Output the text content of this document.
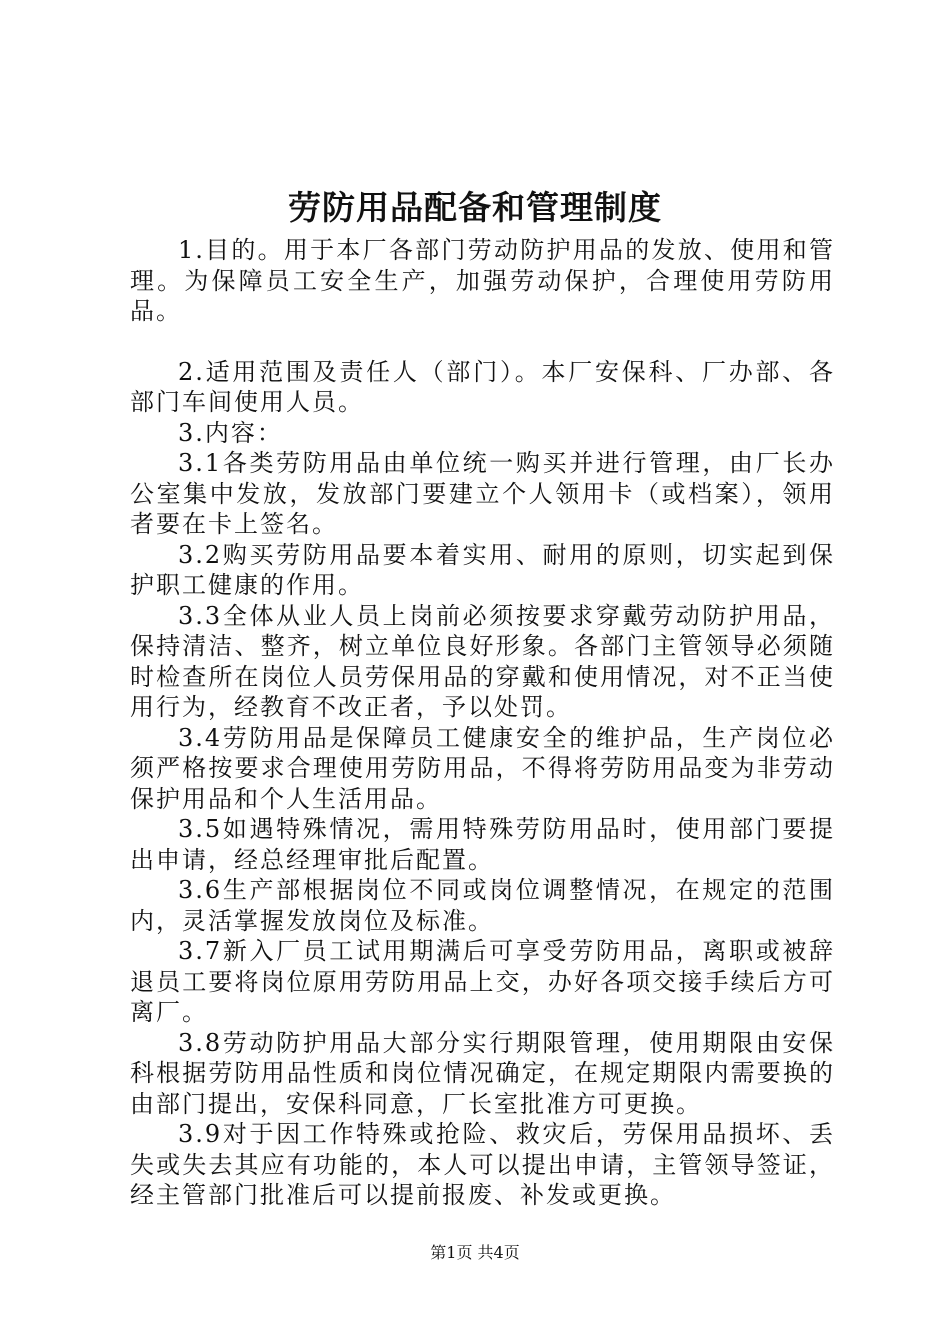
劳防用品配备和管理制度

1.目的。用于本厂各部门劳动防护用品的发放、使用和管理。为保障员工安全生产，加强劳动保护，合理使用劳防用品。

2.适用范围及责任人（部门）。本厂安保科、厂办部、各部门车间使用人员。

3.内容：

3.1各类劳防用品由单位统一购买并进行管理，由厂长办公室集中发放，发放部门要建立个人领用卡（或档案），领用者要在卡上签名。

3.2购买劳防用品要本着实用、耐用的原则，切实起到保护职工健康的作用。

3.3全体从业人员上岗前必须按要求穿戴劳动防护用品，保持清洁、整齐，树立单位良好形象。各部门主管领导必须随时检查所在岗位人员劳保用品的穿戴和使用情况，对不正当使用行为，经教育不改正者，予以处罚。

3.4劳防用品是保障员工健康安全的维护品，生产岗位必须严格按要求合理使用劳防用品，不得将劳防用品变为非劳动保护用品和个人生活用品。

3.5如遇特殊情况，需用特殊劳防用品时，使用部门要提出申请，经总经理审批后配置。

3.6生产部根据岗位不同或岗位调整情况，在规定的范围内，灵活掌握发放岗位及标准。

3.7新入厂员工试用期满后可享受劳防用品，离职或被辞退员工要将岗位原用劳防用品上交，办好各项交接手续后方可离厂。

3.8劳动防护用品大部分实行期限管理，使用期限由安保科根据劳防用品性质和岗位情况确定，在规定期限内需要换的由部门提出，安保科同意，厂长室批准方可更换。

3.9对于因工作特殊或抢险、救灾后，劳保用品损坏、丢失或失去其应有功能的，本人可以提出申请，主管领导签证，经主管部门批准后可以提前报废、补发或更换。

第1页 共4页
